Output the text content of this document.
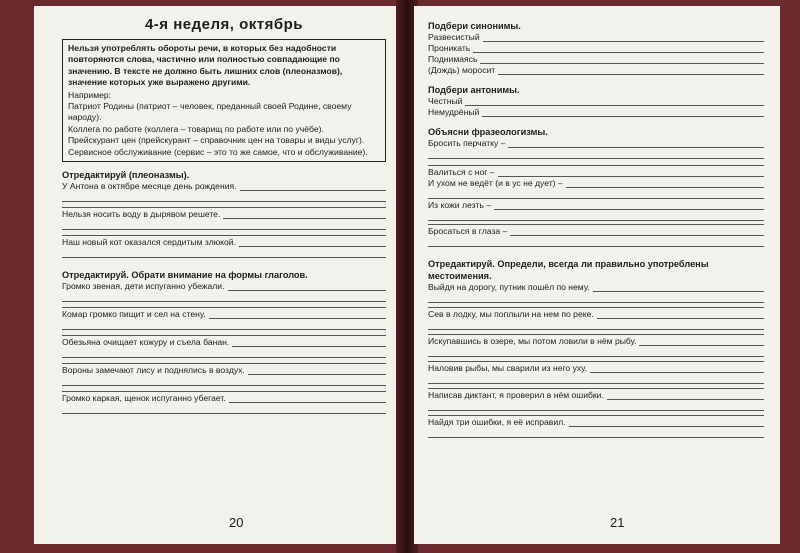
4-я неделя, октябрь
Нельзя употреблять обороты речи, в которых без надобности повторяются слова, частично или полностью совпадающие по значению. В тексте не должно быть лишних слов (плеоназмов), значение которых уже выражено другими.
Например:
Патриот Родины (патриот – человек, преданный своей Родине, своему народу).
Коллега по работе (коллега – товарищ по работе или по учёбе).
Прейскурант цен (прейскурант – справочник цен на товары и виды услуг).
Сервисное обслуживание (сервис – это то же самое, что и обслуживание).
Отредактируй (плеоназмы).
У Антона в октябре месяце день рождения.
Нельзя носить воду в дырявом решете.
Наш новый кот оказался сердитым злюкой.
Отредактируй. Обрати внимание на формы глаголов.
Громко звеная, дети испуганно убежали.
Комар громко пищит и сел на стену.
Обезьяна очищает кожуру и съела банан.
Вороны замечают лису и поднялись в воздух.
Громко каркая, щенок испуганно убегает.
20
Подбери синонимы.
Развесистый
Проникать
Поднимаясь
(Дождь) моросит
Подбери антонимы.
Честный
Немудрёный
Объясни фразеологизмы.
Бросить перчатку –
Валиться с ног –
И ухом не ведёт (и в ус не дует) –
Из кожи лезть –
Бросаться в глаза –
Отредактируй. Определи, всегда ли правильно употреблены местоимения.
Выйдя на дорогу, путник пошёл по нему.
Сев в лодку, мы поплыли на нем по реке.
Искупавшись в озере, мы потом ловили в нём рыбу.
Наловив рыбы, мы сварили из него уху.
Написав диктант, я проверил в нём ошибки.
Найдя три ошибки, я её исправил.
21
